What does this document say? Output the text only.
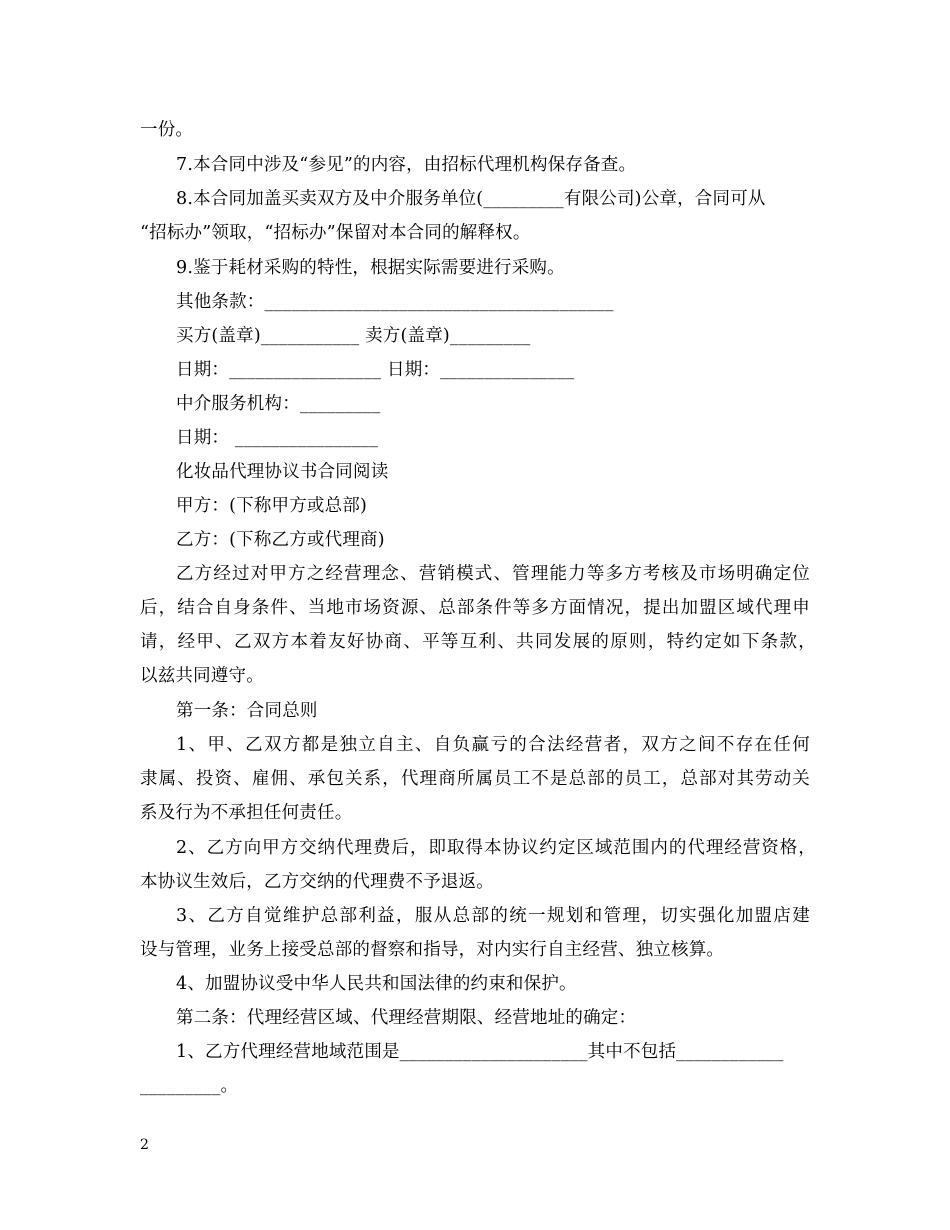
一份。
7.本合同中涉及“参见”的内容，由招标代理机构保存备查。
8.本合同加盖买卖双方及中介服务单位(_________有限公司)公章，合同可从
“招标办”领取，“招标办”保留对本合同的解释权。
9.鉴于耗材采购的特性，根据实际需要进行采购。
其他条款：_______________________________________
买方(盖章)___________ 卖方(盖章)_________
日期：_________________ 日期：_______________
中介服务机构：_________
日期： ________________
化妆品代理协议书合同阅读
甲方：(下称甲方或总部)
乙方：(下称乙方或代理商)
乙方经过对甲方之经营理念、营销模式、管理能力等多方考核及市场明确定位
后，结合自身条件、当地市场资源、总部条件等多方面情况，提出加盟区域代理申
请，经甲、乙双方本着友好协商、平等互利、共同发展的原则，特约定如下条款，
以兹共同遵守。
第一条：合同总则
1、甲、乙双方都是独立自主、自负赢亏的合法经营者，双方之间不存在任何
隶属、投资、雇佣、承包关系，代理商所属员工不是总部的员工，总部对其劳动关
系及行为不承担任何责任。
2、乙方向甲方交纳代理费后，即取得本协议约定区域范围内的代理经营资格，
本协议生效后，乙方交纳的代理费不予退返。
3、乙方自觉维护总部利益，服从总部的统一规划和管理，切实强化加盟店建
设与管理，业务上接受总部的督察和指导，对内实行自主经营、独立核算。
4、加盟协议受中华人民共和国法律的约束和保护。
第二条：代理经营区域、代理经营期限、经营地址的确定：
1、乙方代理经营地域范围是_____________________其中不包括____________
_________。
2
